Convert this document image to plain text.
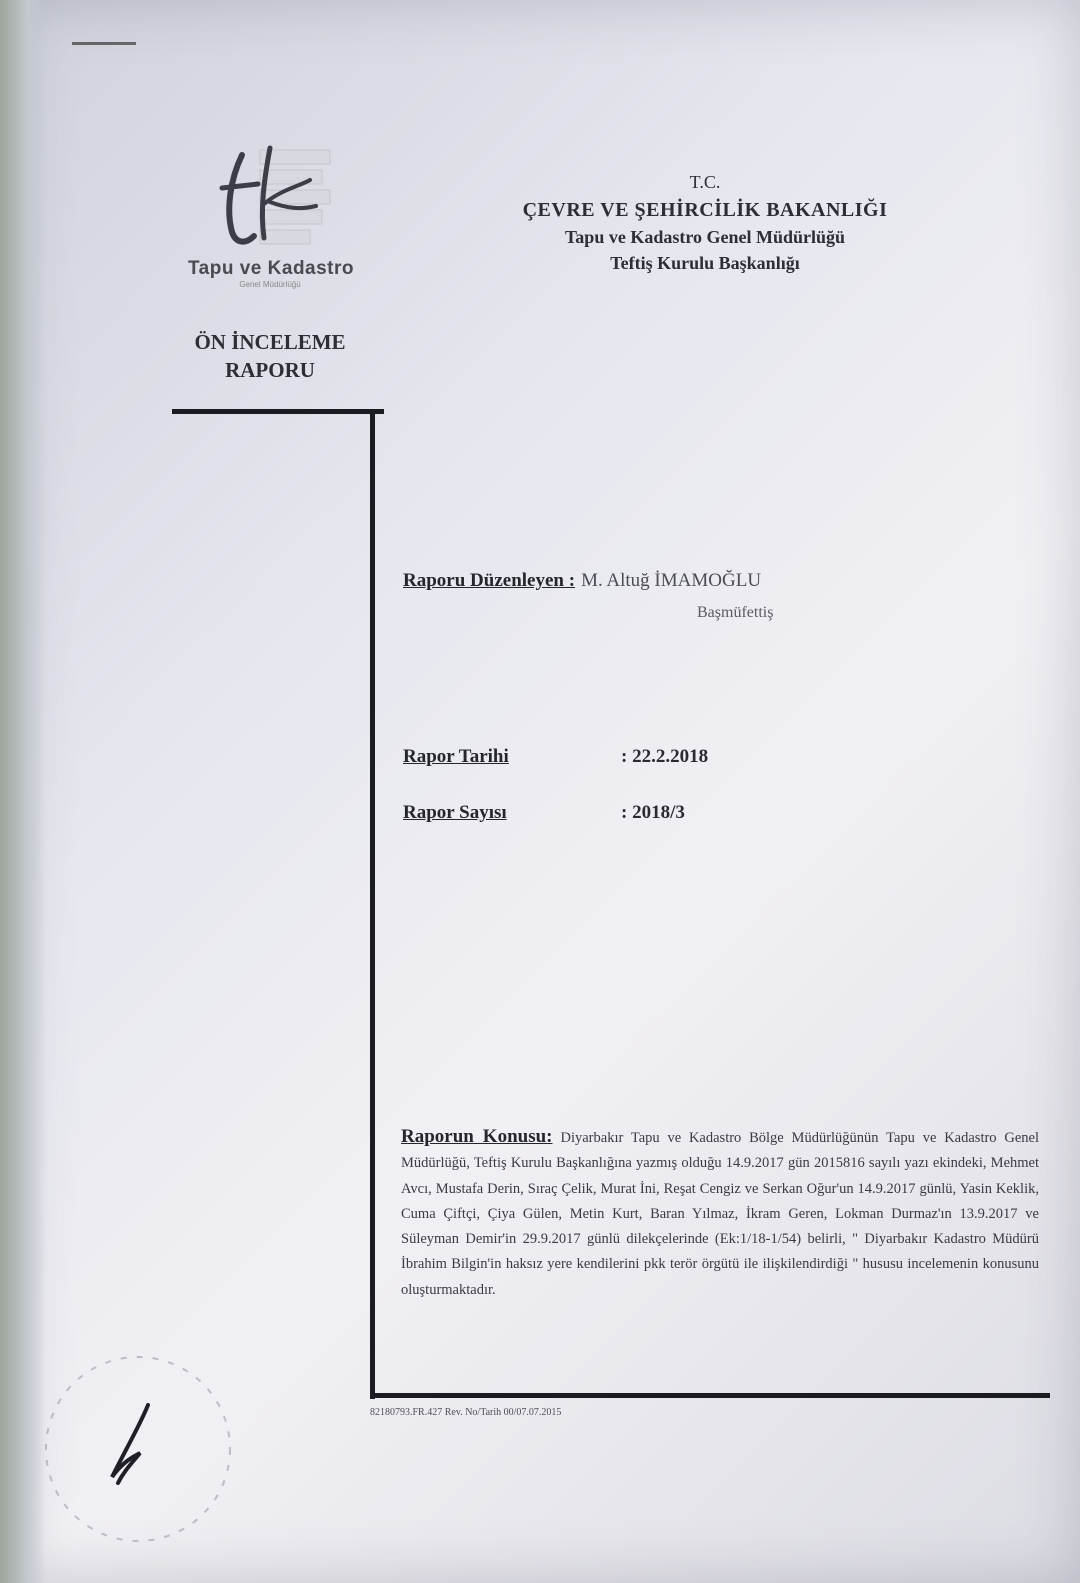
Tapu ve Kadastro
Genel Müdürlüğü
T.C.
ÇEVRE VE ŞEHİRCİLİK BAKANLIĞI
Tapu ve Kadastro Genel Müdürlüğü
Teftiş Kurulu Başkanlığı
ÖN İNCELEME
RAPORU
Raporu Düzenleyen : M. Altuğ İMAMOĞLU
Başmüfettiş
Rapor Tarihi	: 22.2.2018
Rapor Sayısı	: 2018/3
Raporun Konusu: Diyarbakır Tapu ve Kadastro Bölge Müdürlüğünün Tapu ve Kadastro Genel Müdürlüğü, Teftiş Kurulu Başkanlığına yazmış olduğu 14.9.2017 gün 2015816 sayılı yazı ekindeki, Mehmet Avcı, Mustafa Derin, Sıraç Çelik, Murat İni, Reşat Cengiz ve Serkan Oğur'un 14.9.2017 günlü, Yasin Keklik, Cuma Çiftçi, Çiya Gülen, Metin Kurt, Baran Yılmaz, İkram Geren, Lokman Durmaz'ın 13.9.2017 ve Süleyman Demir'in 29.9.2017 günlü dilekçelerinde (Ek:1/18-1/54) belirli, " Diyarbakır Kadastro Müdürü İbrahim Bilgin'in haksız yere kendilerini pkk terör örgütü ile ilişkilendirdiği " hususu incelemenin konusunu oluşturmaktadır.
82180793.FR.427 Rev. No/Tarih 00/07.07.2015
